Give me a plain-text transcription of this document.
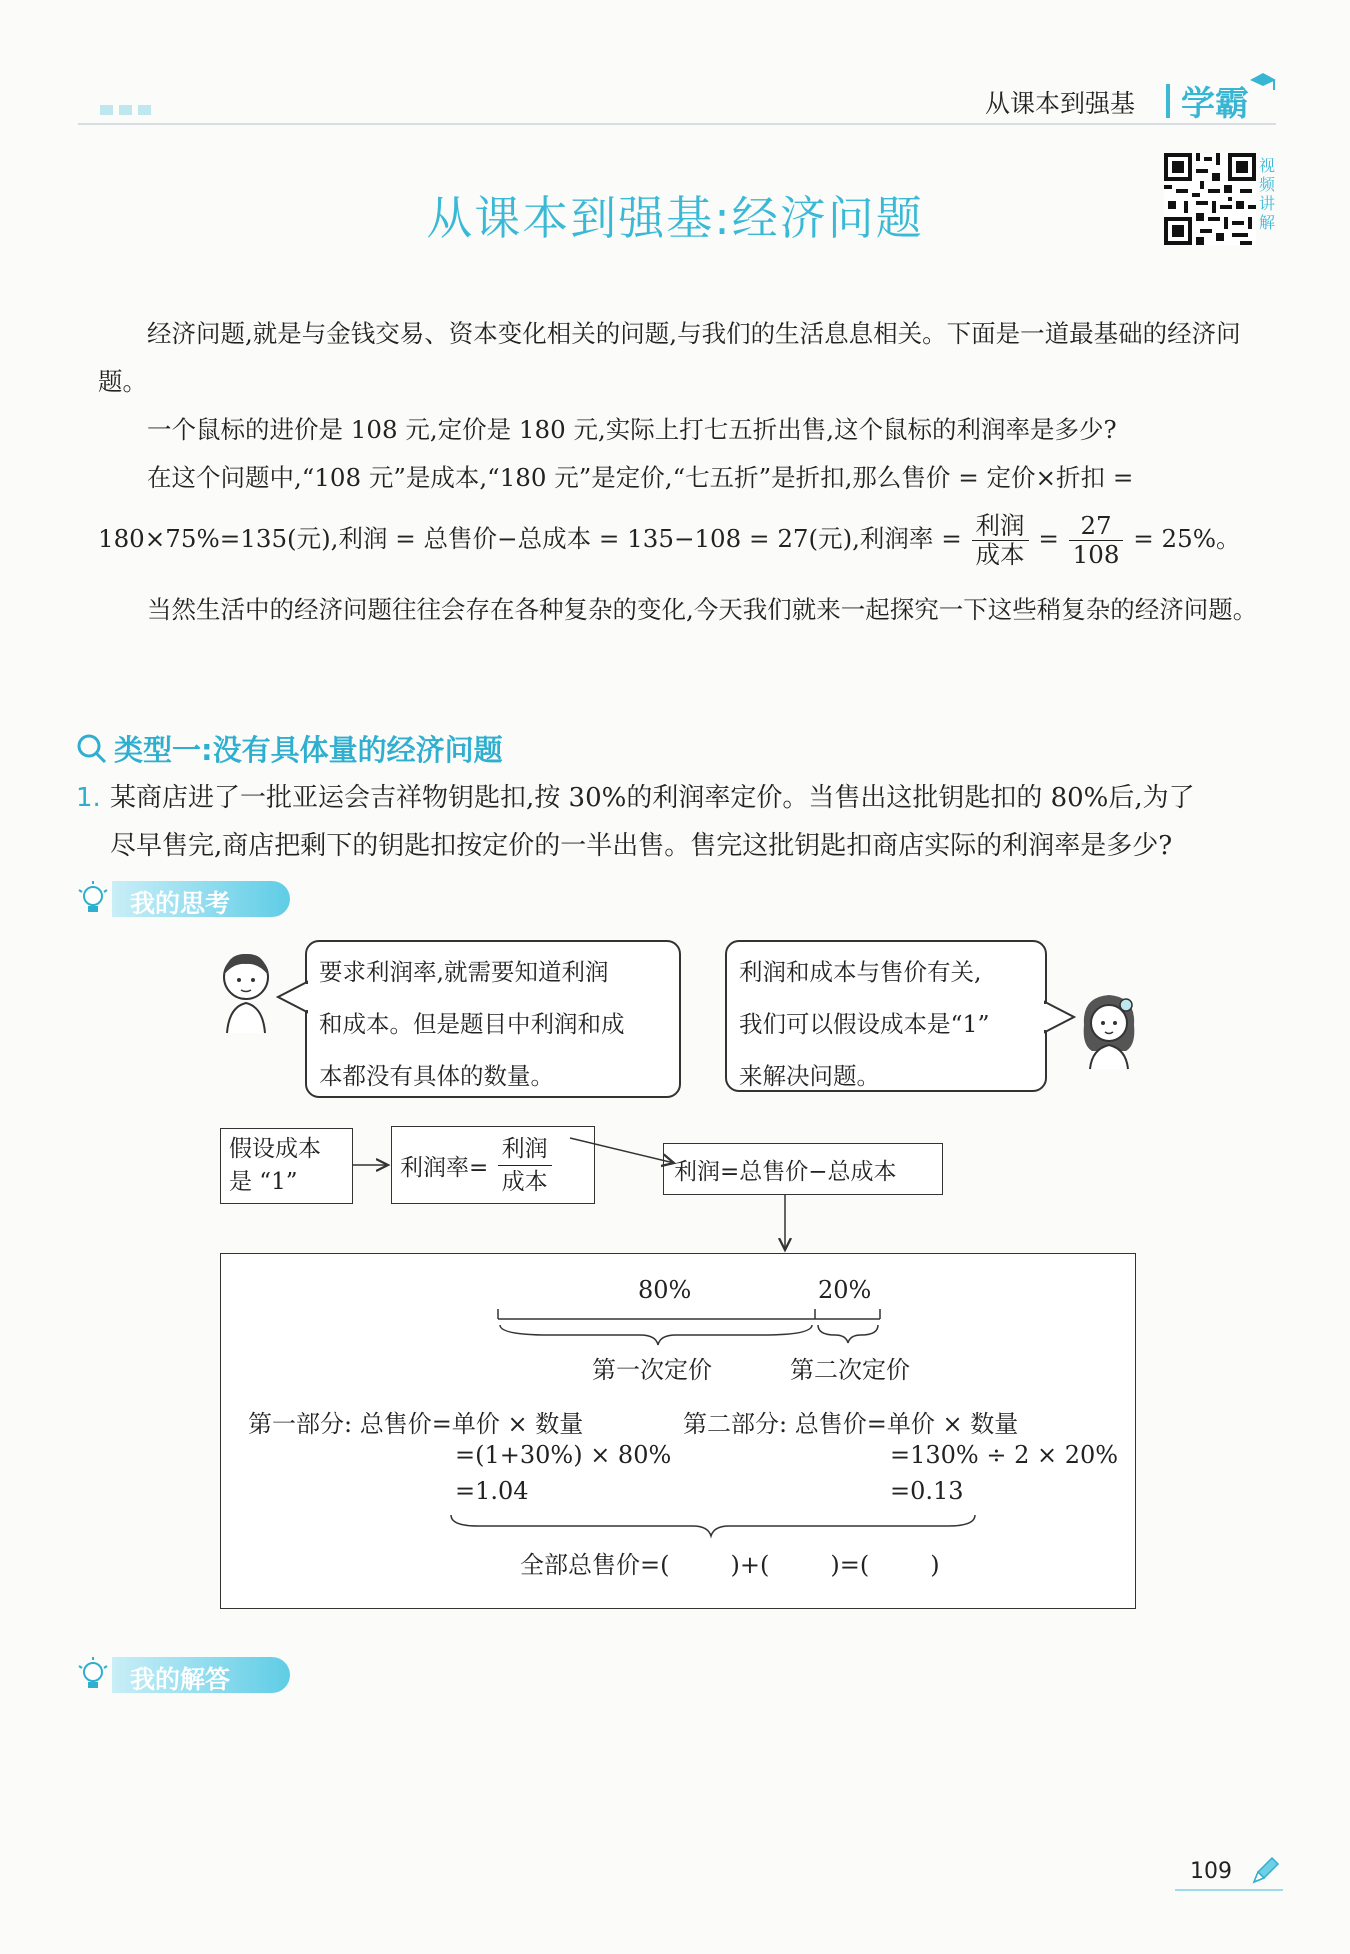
从课本到强基 学霸
视频讲解
从课本到强基:经济问题
经济问题,就是与金钱交易、资本变化相关的问题,与我们的生活息息相关。下面是一道最基础的经济问题。
一个鼠标的进价是 108 元,定价是 180 元,实际上打七五折出售,这个鼠标的利润率是多少?
在这个问题中,“108 元”是成本,“180 元”是定价,“七五折”是折扣,那么售价 = 定价×折扣 =
180×75%=135(元),利润 = 总售价−总成本 = 135−108 = 27(元),利润率 = $\frac{\text{利润}}{\text{成本}} = \frac{27}{108} = 25\%$。
当然生活中的经济问题往往会存在各种复杂的变化,今天我们就来一起探究一下这些稍复杂的经济问题。
类型一:没有具体量的经济问题
1. 某商店进了一批亚运会吉祥物钥匙扣,按 30%的利润率定价。当售出这批钥匙扣的 80%后,为了
尽早售完,商店把剩下的钥匙扣按定价的一半出售。售完这批钥匙扣商店实际的利润率是多少?
我的思考
要求利润率,就需要知道利润
和成本。但是题目中利润和成
本都没有具体的数量。
利润和成本与售价有关,
我们可以假设成本是“1”
来解决问题。
假设成本
是 “1”
利润率= $\frac{\text{利润}}{\text{成本}}$	利润=总售价−总成本
80%	20%
第一次定价	第二次定价
第一部分: 总售价=单价 × 数量
=(1+30%) × 80%
=1.04
第二部分: 总售价=单价 × 数量
=130% ÷ 2 × 20%
=0.13
全部总售价=(        )+(        )=(        )
我的解答
109
